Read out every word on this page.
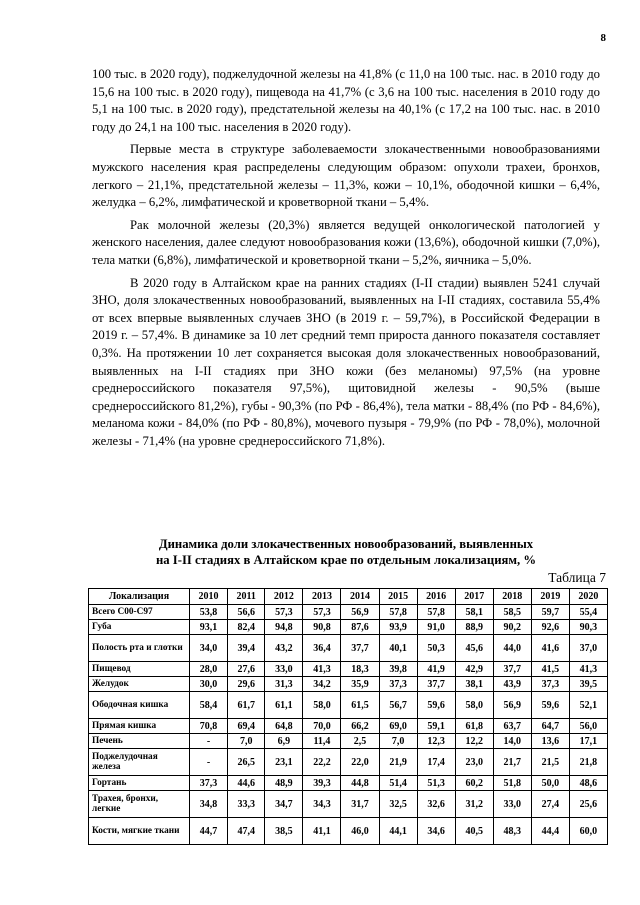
8

100 тыс. в 2020 году), поджелудочной железы на 41,8% (с 11,0 на 100 тыс. нас. в 2010 году до 15,6 на 100 тыс. в 2020 году), пищевода на 41,7% (с 3,6 на 100 тыс. населения в 2010 году до 5,1 на 100 тыс. в 2020 году), предстательной железы на 40,1% (с 17,2 на 100 тыс. нас. в 2010 году до 24,1 на 100 тыс. населения в 2020 году).

Первые места в структуре заболеваемости злокачественными новообразованиями мужского населения края распределены следующим образом: опухоли трахеи, бронхов, легкого – 21,1%, предстательной железы – 11,3%, кожи – 10,1%, ободочной кишки – 6,4%, желудка – 6,2%, лимфатической и кроветворной ткани – 5,4%.

Рак молочной железы (20,3%) является ведущей онкологической патологией у женского населения, далее следуют новообразования кожи (13,6%), ободочной кишки (7,0%), тела матки (6,8%), лимфатической и кроветворной ткани – 5,2%, яичника – 5,0%.

В 2020 году в Алтайском крае на ранних стадиях (I-II стадии) выявлен 5241 случай ЗНО, доля злокачественных новообразований, выявленных на I-II стадиях, составила 55,4% от всех впервые выявленных случаев ЗНО (в 2019 г. – 59,7%), в Российской Федерации в 2019 г. – 57,4%. В динамике за 10 лет средний темп прироста данного показателя составляет 0,3%. На протяжении 10 лет сохраняется высокая доля злокачественных новообразований, выявленных на I-II стадиях при ЗНО кожи (без меланомы) 97,5% (на уровне среднероссийского показателя 97,5%), щитовидной железы - 90,5% (выше среднероссийского 81,2%), губы - 90,3% (по РФ - 86,4%), тела матки - 88,4% (по РФ - 84,6%), меланома кожи - 84,0% (по РФ - 80,8%), мочевого пузыря - 79,9% (по РФ - 78,0%), молочной железы - 71,4% (на уровне среднероссийского 71,8%).

Динамика доли злокачественных новообразований, выявленных
на I-II стадиях в Алтайском крае по отдельным локализациям, %
Таблица 7
Локализация	2010	2011	2012	2013	2014	2015	2016	2017	2018	2019	2020
Всего С00-С97	53,8	56,6	57,3	57,3	56,9	57,8	57,8	58,1	58,5	59,7	55,4
Губа	93,1	82,4	94,8	90,8	87,6	93,9	91,0	88,9	90,2	92,6	90,3
Полость рта и глотки	34,0	39,4	43,2	36,4	37,7	40,1	50,3	45,6	44,0	41,6	37,0
Пищевод	28,0	27,6	33,0	41,3	18,3	39,8	41,9	42,9	37,7	41,5	41,3
Желудок	30,0	29,6	31,3	34,2	35,9	37,3	37,7	38,1	43,9	37,3	39,5
Ободочная кишка	58,4	61,7	61,1	58,0	61,5	56,7	59,6	58,0	56,9	59,6	52,1
Прямая кишка	70,8	69,4	64,8	70,0	66,2	69,0	59,1	61,8	63,7	64,7	56,0
Печень	-	7,0	6,9	11,4	2,5	7,0	12,3	12,2	14,0	13,6	17,1
Поджелудочная железа	-	26,5	23,1	22,2	22,0	21,9	17,4	23,0	21,7	21,5	21,8
Гортань	37,3	44,6	48,9	39,3	44,8	51,4	51,3	60,2	51,8	50,0	48,6
Трахея, бронхи, легкие	34,8	33,3	34,7	34,3	31,7	32,5	32,6	31,2	33,0	27,4	25,6
Кости, мягкие ткани	44,7	47,4	38,5	41,1	46,0	44,1	34,6	40,5	48,3	44,4	60,0
